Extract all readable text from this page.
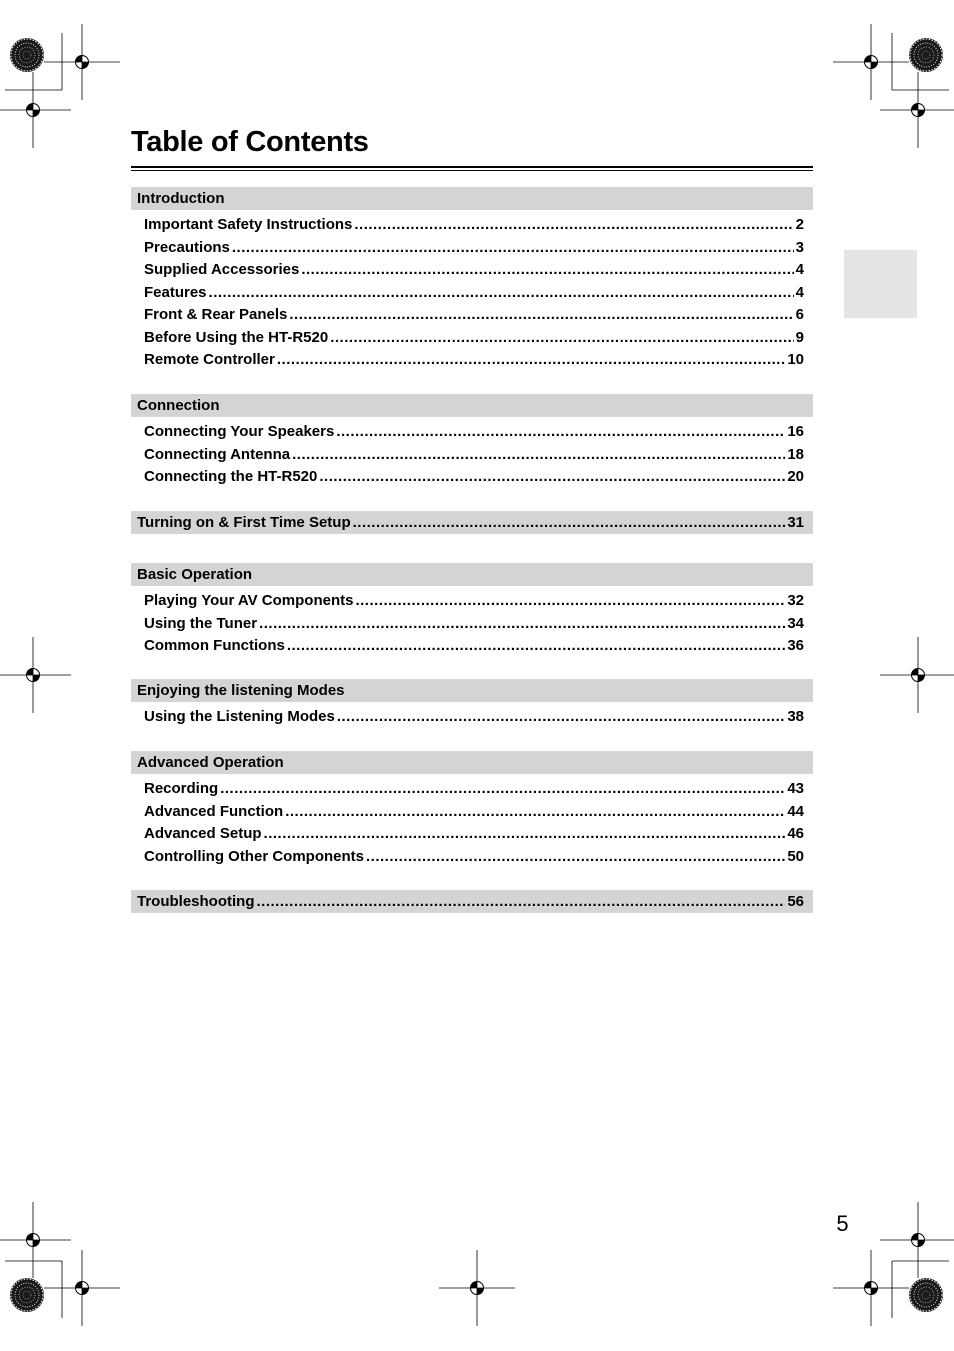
Table of Contents
Introduction
Important Safety Instructions .....	2
Precautions .....	3
Supplied Accessories .....	4
Features .....	4
Front & Rear Panels .....	6
Before Using the HT-R520 .....	9
Remote Controller .....	10
Connection
Connecting Your Speakers .....	16
Connecting Antenna .....	18
Connecting the HT-R520 .....	20
Turning on & First Time Setup .....	31
Basic Operation
Playing Your AV Components .....	32
Using the Tuner .....	34
Common Functions .....	36
Enjoying the listening Modes
Using the Listening Modes .....	38
Advanced Operation
Recording .....	43
Advanced Function .....	44
Advanced Setup .....	46
Controlling Other Components .....	50
Troubleshooting .....	56
5
